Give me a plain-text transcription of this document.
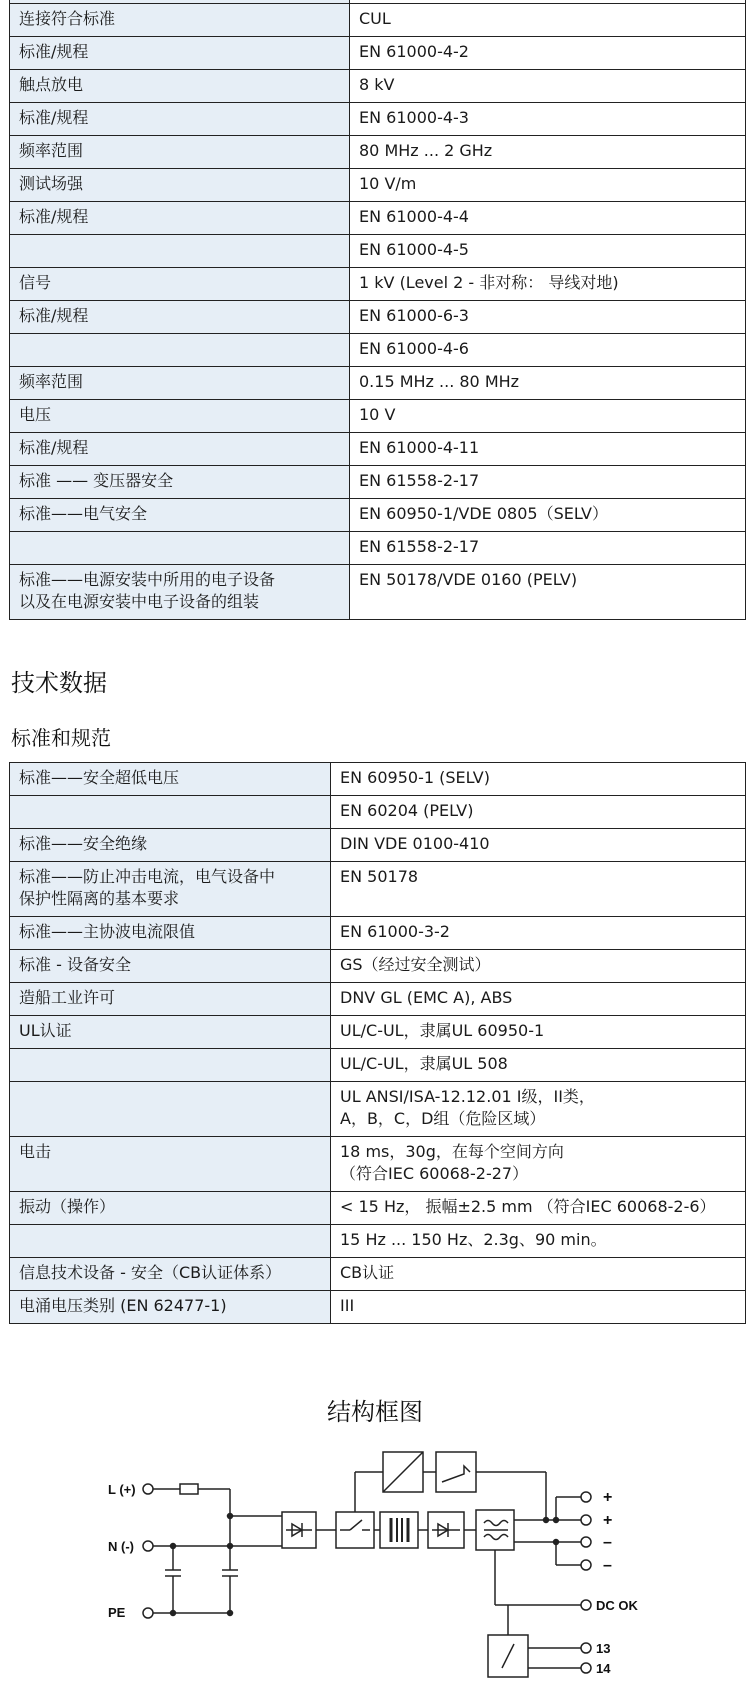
连接符合标准	CUL
标准/规程	EN 61000-4-2
触点放电	8 kV
标准/规程	EN 61000-4-3
频率范围	80 MHz ... 2 GHz
测试场强	10 V/m
标准/规程	EN 61000-4-4
	EN 61000-4-5
信号	1 kV (Level 2 - 非对称： 导线对地)
标准/规程	EN 61000-6-3
	EN 61000-4-6
频率范围	0.15 MHz ... 80 MHz
电压	10 V
标准/规程	EN 61000-4-11
标准 —— 变压器安全	EN 61558-2-17
标准——电气安全	EN 60950-1/VDE 0805（SELV）
	EN 61558-2-17
标准——电源安装中所用的电子设备
以及在电源安装中电子设备的组装	EN 50178/VDE 0160 (PELV)
技术数据
标准和规范
标准——安全超低电压	EN 60950-1 (SELV)
	EN 60204 (PELV)
标准——安全绝缘	DIN VDE 0100-410
标准——防止冲击电流，电气设备中
保护性隔离的基本要求	EN 50178
标准——主协波电流限值	EN 61000-3-2
标准 - 设备安全	GS（经过安全测试）
造船工业许可	DNV GL (EMC A), ABS
UL认证	UL/C-UL，隶属UL 60950-1
	UL/C-UL，隶属UL 508
	UL ANSI/ISA-12.12.01 I级，II类，
A，B，C，D组（危险区域）
电击	18 ms，30g，在每个空间方向
（符合IEC 60068-2-27）
振动（操作）	< 15 Hz， 振幅±2.5 mm （符合IEC 60068-2-6）
	15 Hz ... 150 Hz、2.3g、90 min。
信息技术设备 - 安全（CB认证体系）	CB认证
电涌电压类别 (EN 62477-1)	III
结构框图
L (+)
N (-)
PE
+
+
–
–
DC OK
13
14
